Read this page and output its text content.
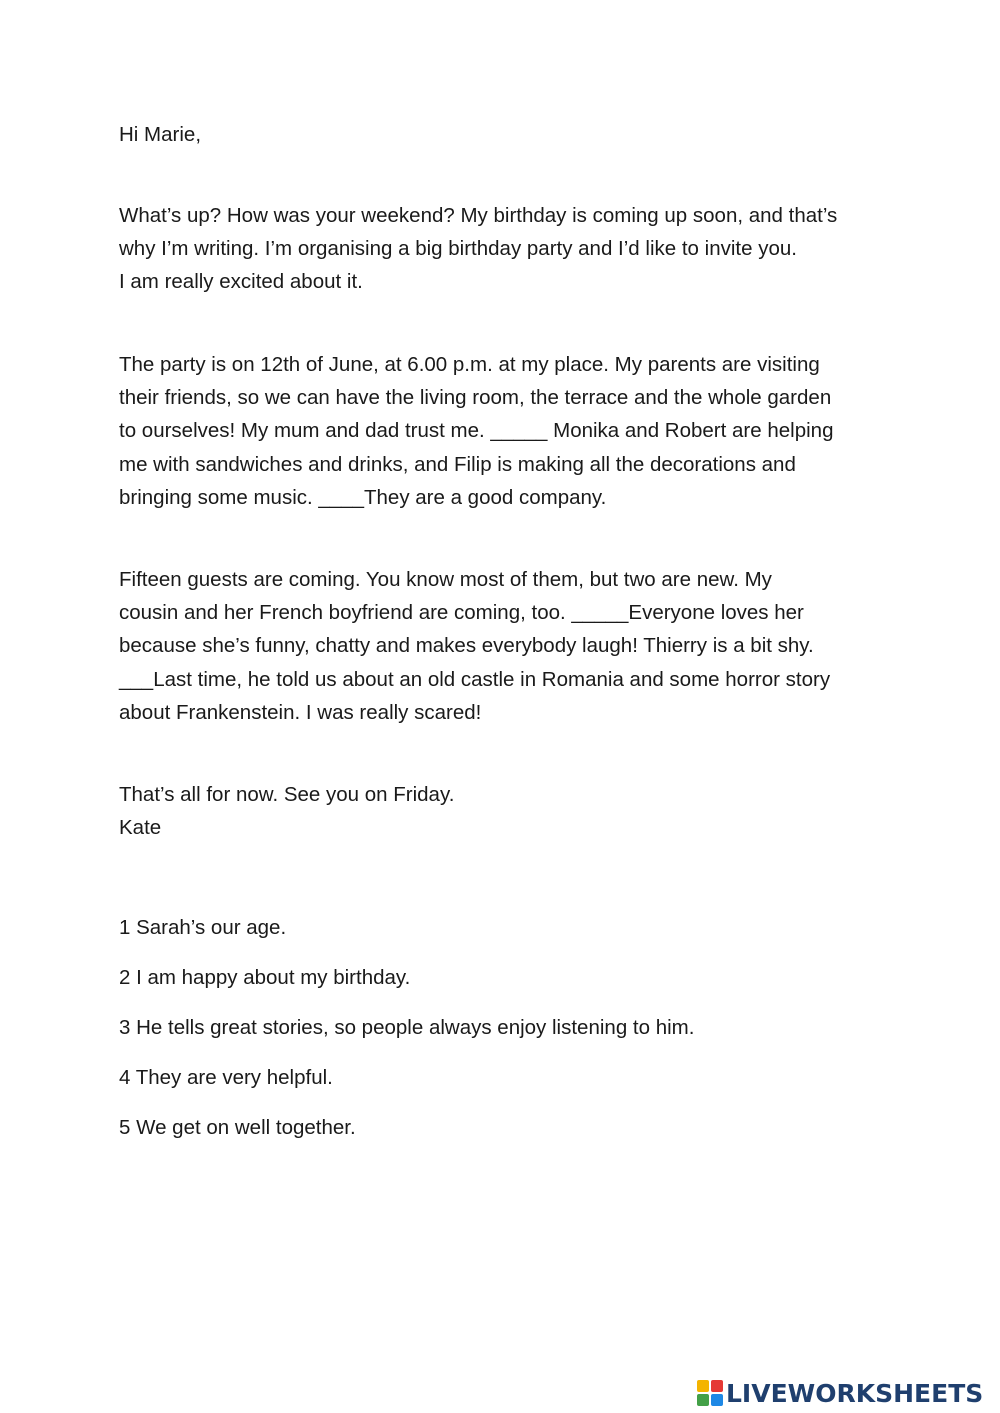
Hi Marie,
What’s up? How was your weekend? My birthday is coming up soon, and that’s
why I’m writing. I’m organising a big birthday party and I’d like to invite you.
I am really excited about it.
The party is on 12th of June, at 6.00 p.m. at my place. My parents are visiting
their friends, so we can have the living room, the terrace and the whole garden
to ourselves! My mum and dad trust me. _____ Monika and Robert are helping
me with sandwiches and drinks, and Filip is making all the decorations and
bringing some music. ____They are a good company.
Fifteen guests are coming. You know most of them, but two are new. My
cousin and her French boyfriend are coming, too. _____Everyone loves her
because she’s funny, chatty and makes everybody laugh! Thierry is a bit shy.
___Last time, he told us about an old castle in Romania and some horror story
about Frankenstein. I was really scared!
That’s all for now. See you on Friday.
Kate
1 Sarah’s our age.
2 I am happy about my birthday.
3 He tells great stories, so people always enjoy listening to him.
4 They are very helpful.
5 We get on well together.
LIVEWORKSHEETS
